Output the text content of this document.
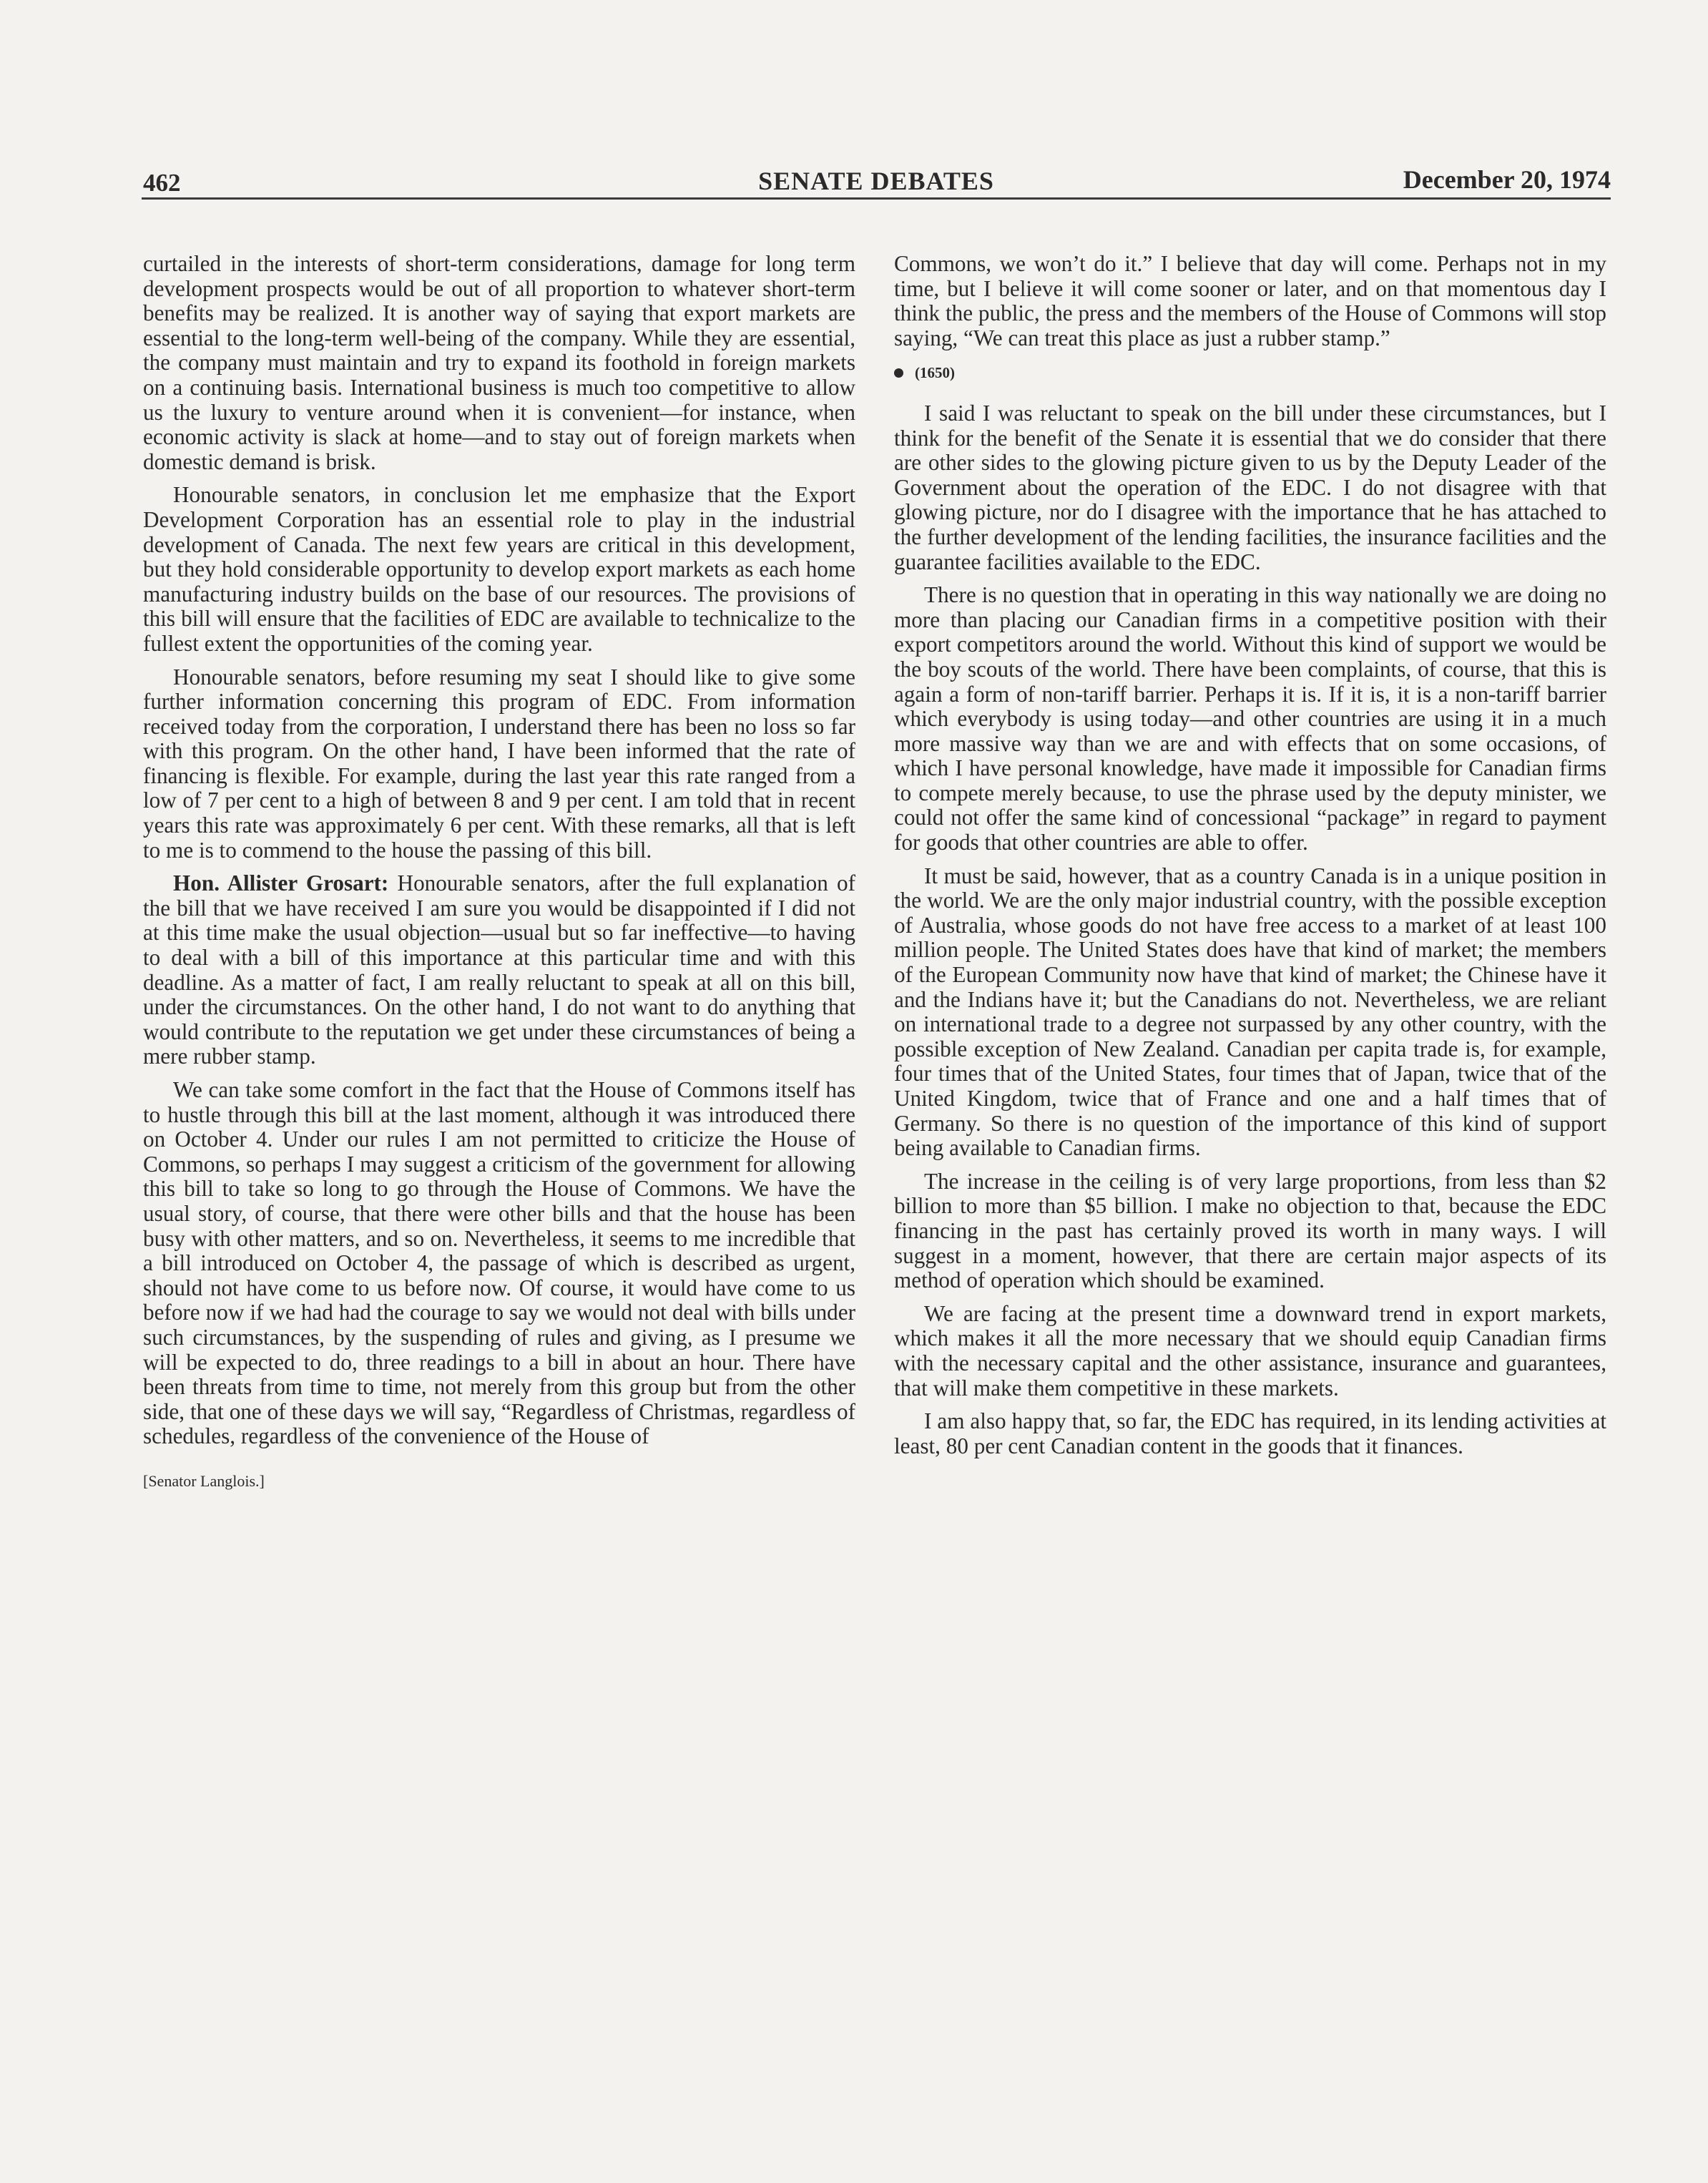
462	SENATE DEBATES	December 20, 1974

curtailed in the interests of short-term considerations, damage for long term development prospects would be out of all proportion to whatever short-term benefits may be realized. It is another way of saying that export markets are essential to the long-term well-being of the company. While they are essential, the company must maintain and try to expand its foothold in foreign markets on a continuing basis. International business is much too competitive to allow us the luxury to venture around when it is convenient—for instance, when economic activity is slack at home—and to stay out of foreign markets when domestic demand is brisk.

Honourable senators, in conclusion let me emphasize that the Export Development Corporation has an essential role to play in the industrial development of Canada. The next few years are critical in this development, but they hold considerable opportunity to develop export markets as each home manufacturing industry builds on the base of our resources. The provisions of this bill will ensure that the facilities of EDC are available to technicalize to the fullest extent the opportunities of the coming year.

Honourable senators, before resuming my seat I should like to give some further information concerning this program of EDC. From information received today from the corporation, I understand there has been no loss so far with this program. On the other hand, I have been informed that the rate of financing is flexible. For example, during the last year this rate ranged from a low of 7 per cent to a high of between 8 and 9 per cent. I am told that in recent years this rate was approximately 6 per cent. With these remarks, all that is left to me is to commend to the house the passing of this bill.

Hon. Allister Grosart: Honourable senators, after the full explanation of the bill that we have received I am sure you would be disappointed if I did not at this time make the usual objection—usual but so far ineffective—to having to deal with a bill of this importance at this particular time and with this deadline. As a matter of fact, I am really reluctant to speak at all on this bill, under the circumstances. On the other hand, I do not want to do anything that would contribute to the reputation we get under these circumstances of being a mere rubber stamp.

We can take some comfort in the fact that the House of Commons itself has to hustle through this bill at the last moment, although it was introduced there on October 4. Under our rules I am not permitted to criticize the House of Commons, so perhaps I may suggest a criticism of the government for allowing this bill to take so long to go through the House of Commons. We have the usual story, of course, that there were other bills and that the house has been busy with other matters, and so on. Nevertheless, it seems to me incredible that a bill introduced on October 4, the passage of which is described as urgent, should not have come to us before now. Of course, it would have come to us before now if we had had the courage to say we would not deal with bills under such circumstances, by the suspending of rules and giving, as I presume we will be expected to do, three readings to a bill in about an hour. There have been threats from time to time, not merely from this group but from the other side, that one of these days we will say, “Regardless of Christmas, regardless of schedules, regardless of the convenience of the House of

[Senator Langlois.]

Commons, we won’t do it.” I believe that day will come. Perhaps not in my time, but I believe it will come sooner or later, and on that momentous day I think the public, the press and the members of the House of Commons will stop saying, “We can treat this place as just a rubber stamp.”

(1650)

I said I was reluctant to speak on the bill under these circumstances, but I think for the benefit of the Senate it is essential that we do consider that there are other sides to the glowing picture given to us by the Deputy Leader of the Government about the operation of the EDC. I do not disagree with that glowing picture, nor do I disagree with the importance that he has attached to the further development of the lending facilities, the insurance facilities and the guarantee facilities available to the EDC.

There is no question that in operating in this way nationally we are doing no more than placing our Canadian firms in a competitive position with their export competitors around the world. Without this kind of support we would be the boy scouts of the world. There have been complaints, of course, that this is again a form of non-tariff barrier. Perhaps it is. If it is, it is a non-tariff barrier which everybody is using today—and other countries are using it in a much more massive way than we are and with effects that on some occasions, of which I have personal knowledge, have made it impossible for Canadian firms to compete merely because, to use the phrase used by the deputy minister, we could not offer the same kind of concessional “package” in regard to payment for goods that other countries are able to offer.

It must be said, however, that as a country Canada is in a unique position in the world. We are the only major industrial country, with the possible exception of Australia, whose goods do not have free access to a market of at least 100 million people. The United States does have that kind of market; the members of the European Community now have that kind of market; the Chinese have it and the Indians have it; but the Canadians do not. Nevertheless, we are reliant on international trade to a degree not surpassed by any other country, with the possible exception of New Zealand. Canadian per capita trade is, for example, four times that of the United States, four times that of Japan, twice that of the United Kingdom, twice that of France and one and a half times that of Germany. So there is no question of the importance of this kind of support being available to Canadian firms.

The increase in the ceiling is of very large proportions, from less than $2 billion to more than $5 billion. I make no objection to that, because the EDC financing in the past has certainly proved its worth in many ways. I will suggest in a moment, however, that there are certain major aspects of its method of operation which should be examined.

We are facing at the present time a downward trend in export markets, which makes it all the more necessary that we should equip Canadian firms with the necessary capital and the other assistance, insurance and guarantees, that will make them competitive in these markets.

I am also happy that, so far, the EDC has required, in its lending activities at least, 80 per cent Canadian content in the goods that it finances.
